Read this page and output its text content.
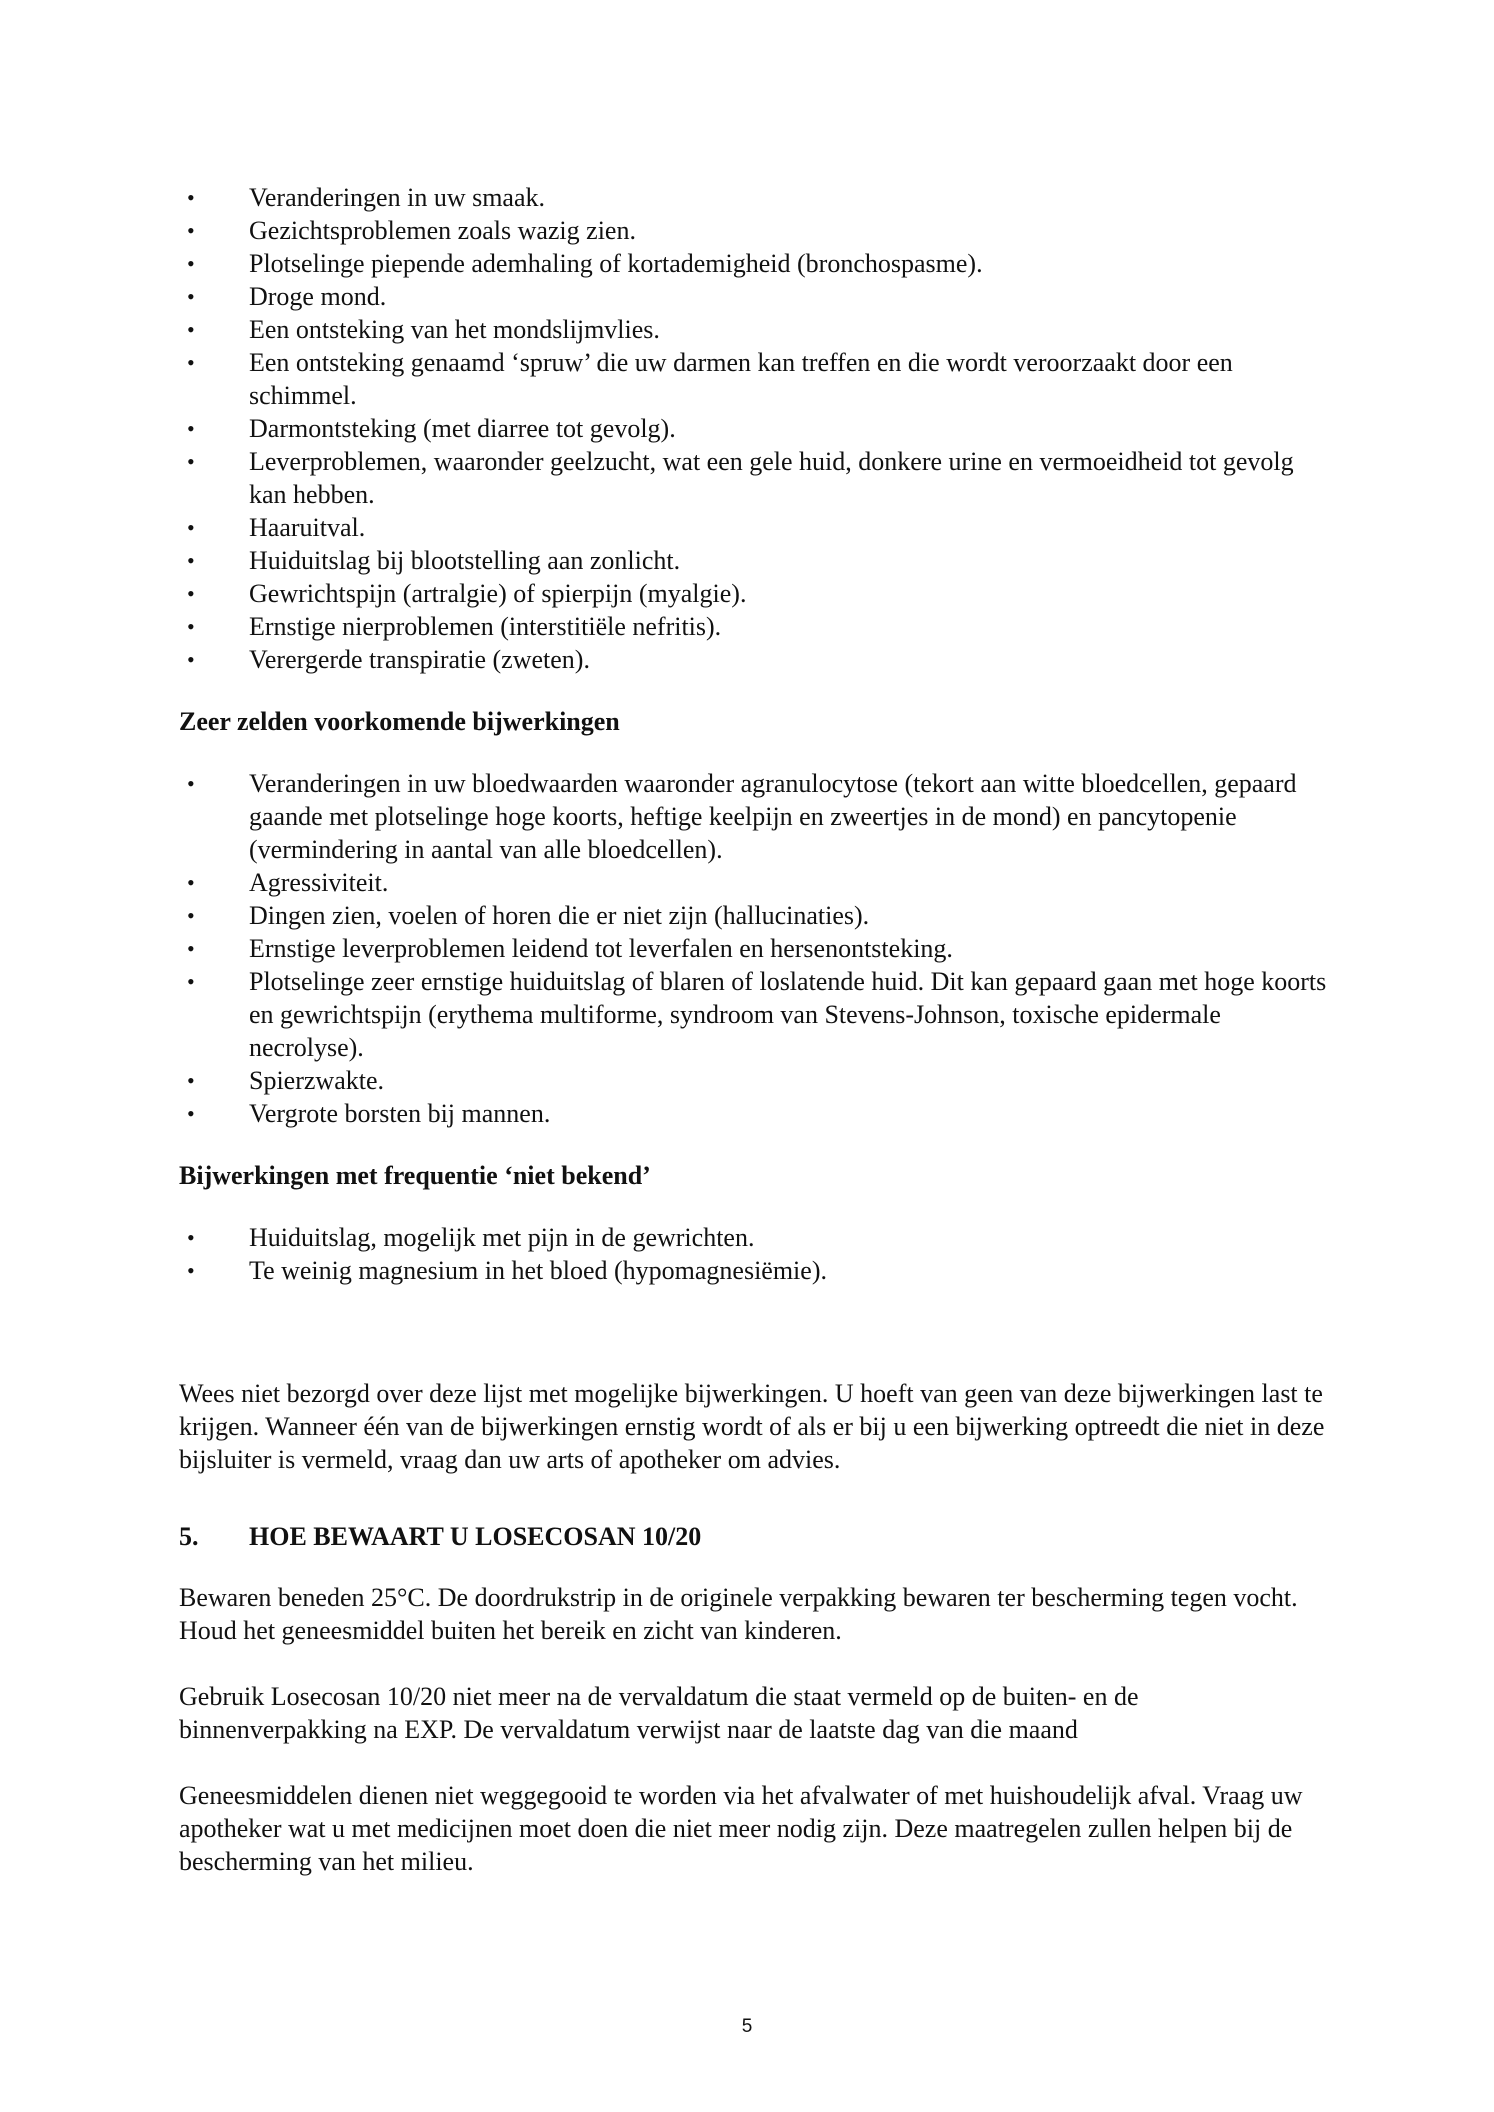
• Veranderingen in uw smaak.
• Gezichtsproblemen zoals wazig zien.
• Plotselinge piepende ademhaling of kortademigheid (bronchospasme).
• Droge mond.
• Een ontsteking van het mondslijmvlies.
• Een ontsteking genaamd ‘spruw’ die uw darmen kan treffen en die wordt veroorzaakt door een schimmel.
• Darmontsteking (met diarree tot gevolg).
• Leverproblemen, waaronder geelzucht, wat een gele huid, donkere urine en vermoeidheid tot gevolg kan hebben.
• Haaruitval.
• Huiduitslag bij blootstelling aan zonlicht.
• Gewrichtspijn (artralgie) of spierpijn (myalgie).
• Ernstige nierproblemen (interstitiële nefritis).
• Verergerde transpiratie (zweten).
Zeer zelden voorkomende bijwerkingen
• Veranderingen in uw bloedwaarden waaronder agranulocytose (tekort aan witte bloedcellen, gepaard gaande met plotselinge hoge koorts, heftige keelpijn en zweertjes in de mond) en pancytopenie (vermindering in aantal van alle bloedcellen).
• Agressiviteit.
• Dingen zien, voelen of horen die er niet zijn (hallucinaties).
• Ernstige leverproblemen leidend tot leverfalen en hersenontsteking.
• Plotselinge zeer ernstige huiduitslag of blaren of loslatende huid. Dit kan gepaard gaan met hoge koorts en gewrichtspijn (erythema multiforme, syndroom van Stevens-Johnson, toxische epidermale necrolyse).
• Spierzwakte.
• Vergrote borsten bij mannen.
Bijwerkingen met frequentie ‘niet bekend’
• Huiduitslag, mogelijk met pijn in de gewrichten.
• Te weinig magnesium in het bloed (hypomagnesiëmie).

Wees niet bezorgd over deze lijst met mogelijke bijwerkingen. U hoeft van geen van deze bijwerkingen last te krijgen. Wanneer één van de bijwerkingen ernstig wordt of als er bij u een bijwerking optreedt die niet in deze bijsluiter is vermeld, vraag dan uw arts of apotheker om advies.

5.	HOE BEWAART U LOSECOSAN 10/20

Bewaren beneden 25°C. De doordrukstrip in de originele verpakking bewaren ter bescherming tegen vocht.

Houd het geneesmiddel buiten het bereik en zicht van kinderen.

Gebruik Losecosan 10/20 niet meer na de vervaldatum die staat vermeld op de buiten- en de binnenverpakking na EXP. De vervaldatum verwijst naar de laatste dag van die maand

Geneesmiddelen dienen niet weggegooid te worden via het afvalwater of met huishoudelijk afval. Vraag uw apotheker wat u met medicijnen moet doen die niet meer nodig zijn. Deze maatregelen zullen helpen bij de bescherming van het milieu.

5
